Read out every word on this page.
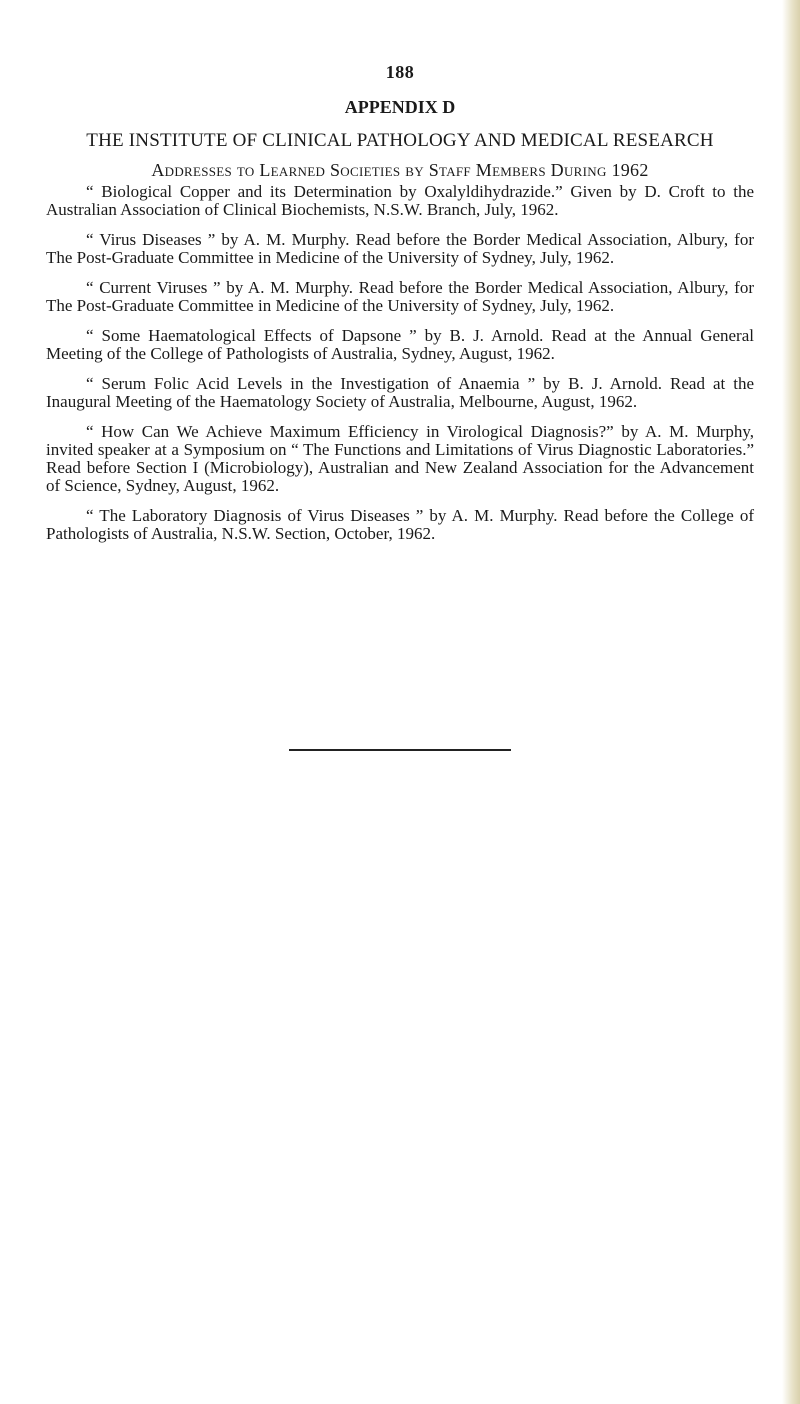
188
APPENDIX D
THE INSTITUTE OF CLINICAL PATHOLOGY AND MEDICAL RESEARCH
Addresses to Learned Societies by Staff Members During 1962

“ Biological Copper and its Determination by Oxalyldihydrazide.” Given by D. Croft to the Australian Association of Clinical Biochemists, N.S.W. Branch, July, 1962.

“ Virus Diseases ” by A. M. Murphy. Read before the Border Medical Association, Albury, for The Post-Graduate Committee in Medicine of the University of Sydney, July, 1962.

“ Current Viruses ” by A. M. Murphy. Read before the Border Medical Association, Albury, for The Post-Graduate Committee in Medicine of the University of Sydney, July, 1962.

“ Some Haematological Effects of Dapsone ” by B. J. Arnold. Read at the Annual General Meeting of the College of Pathologists of Australia, Sydney, August, 1962.

“ Serum Folic Acid Levels in the Investigation of Anaemia ” by B. J. Arnold. Read at the Inaugural Meeting of the Haematology Society of Australia, Melbourne, August, 1962.

“ How Can We Achieve Maximum Efficiency in Virological Diagnosis?” by A. M. Murphy, invited speaker at a Symposium on “ The Functions and Limitations of Virus Diagnostic Laboratories.” Read before Section I (Microbiology), Australian and New Zealand Association for the Advancement of Science, Sydney, August, 1962.

“ The Laboratory Diagnosis of Virus Diseases ” by A. M. Murphy. Read before the College of Pathologists of Australia, N.S.W. Section, October, 1962.
